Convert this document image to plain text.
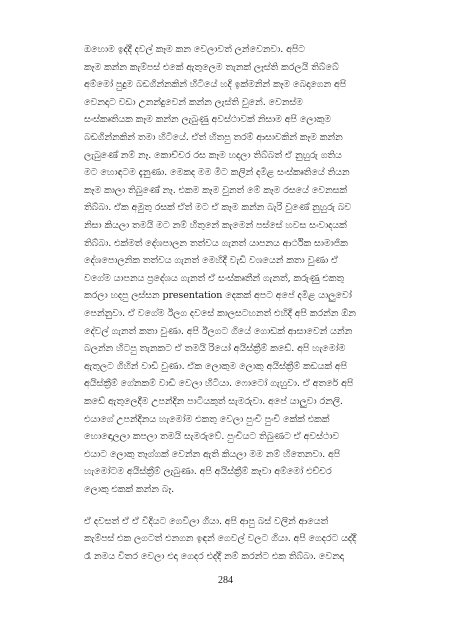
ඔහොම ඉද්දී දවල් කෑම කන වෙලාවත් ලන්වෙනවා. අපිට
කෑම කන්න කැම්පස් එකේ ඇතුලෙම තැනක් ලෑස්ති කරලයි තිබ්බේ
අම්මෝ පුදුම බඩගින්නකින් හිටියේ හදි ඉක්මනින් කෑම බෙදාගෙන අපි
වෙනදාට වඩා උනන්දුවෙන් කන්න ලැස්ති වුනේ. වෙනස්ම
සංස්කෘතියක කෑම කන්න ලැබුණු අවස්ථාවක් නිසාම අපි ලොකුම
බඩගින්නකින් තමා හිටියේ. ඒත් හිතපු තරම් ආසාවකින් කෑම කන්න
ලැබුණේ නම් නෑ. කොච්චර රස කෑම හදලා තිබ්බත් ඒ නුහුරු ගතිය
මට හොඳටම දැනුණා. මෙකද මම මීට කලින් දමිළ සංස්කෘතියේ තියන
කෑම කාලා තිබුණේ නෑ. එකම කෑම වුනත් මේ කෑම රසයේ වෙනසක්
තිබ්බා. ඒක අමුතු රසක් ඒත් මට ඒ කෑම කන්න බැරි වුණේ නුහුරු බව
නිසා කියලා තමයි මට නම් හිතුනේ කැමෙන් පස්සේ හවස සංවාදයක්
තිබ්බා. එක්මත් දේශපාලන තත්වය ගැනත් යාපනය ආර්ථික සාමාජික
දේශපොලනික තත්වය ගැනත් මෙහිදී වැඩි වශයෙන් කතා වුණා ඒ
වගේම යාපනය ප්‍රදේශය ගැනත් ඒ සංස්කෘතීන් ගැනත්, කරුණු එකතු
කරලා හදපු ලස්සන presentation දෙකක් අපට අපේ දමිළ යාලුවෝ
පෙන්නුවා. ඒ වගේම ඊලග දවසේ කාලසටහනත් එහිදී අපි කරන්න ඕන
දේවල් ගැනත් කතා වුණා. අපි ඊලගට ගියේ ගොඩක් ආසාවෙන් යන්න
බලන්න හිටපු තැනකට ඒ තමයි රියෝ අයිස්ක්‍රීම් කඩේ. අපි හැමෝම
ඇතුලට ගිහින් වාඩි වුණා. ඒක ලොකුම ලොකු අයිස්ක්‍රීම් කඩයක් අපි
අයිස්ක්‍රීම් ගේනකම් වාඩි වෙලා හිටියා. ෆොටෝ ගැහුවා. ඒ අතරේ අපි
කඩේ ඇතුලෙදීම උපන්දින පාටියකුත් සැමරුවා. අපේ යාලුවා රනලි.
එයාගේ උපන්දිනය හැමෝම එකතු වෙලා පුංචි පුංචි කේක් එකක්
හොඳොලලා කපලා තමයි සැමරුවේ. පුංචියට තිබුණට ඒ අවස්ථාව
එයාට ලොකු තෑග්ගක් වෙන්න ඇති කියලා මම නම් හිතෙනවා. අපි
හැමෝටම අයිස්ක්‍රීම් ලැබුණා. අපි අයිස්ක්‍රීම් කෑවා අම්මෝ එච්චර
ලොකු එකක් කන්න බෑ.
ඒ දවසත් ඒ ඒ විදියට ගෙවිලා ගියා. අපි ආපු බස් වලින් ආයෙත්
කැම්පස් එක ලගටත් එනගන ඉඳන් ගෙවල් වලට ගියා. අපි ගෙදරට යද්දී
රෑ නමය විතර වෙලා එදා ගෙදර එද්දී නම් කරන්ට එක තිබ්බා. වෙනදා
284
